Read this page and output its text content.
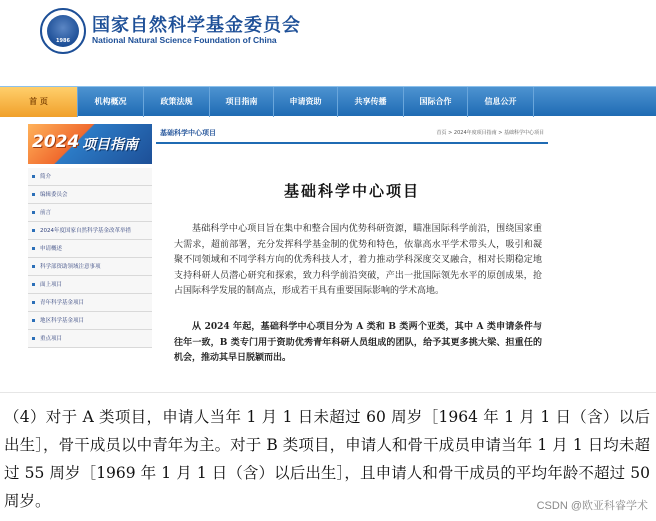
1986
国家自然科学基金委员会
National Natural Science Foundation of China
首 页	机构概况	政策法规	项目指南	申请资助	共享传播	国际合作	信息公开
2024 项目指南
简介
编辑委员会
前言
2024年度国家自然科学基金改革举措
申请概述
科学部资助领域注意事项
面上项目
青年科学基金项目
地区科学基金项目
重点项目
基础科学中心项目	首页 > 2024年度项目指南 > 基础科学中心项目
基础科学中心项目

基础科学中心项目旨在集中和整合国内优势科研资源，瞄准国际科学前沿，围绕国家重大需求，超前部署，充分发挥科学基金制的优势和特色，依靠高水平学术带头人，吸引和凝聚不同领域和不同学科方向的优秀科技人才，着力推动学科深度交叉融合，相对长期稳定地支持科研人员潜心研究和探索，致力科学前沿突破，产出一批国际领先水平的原创成果，抢占国际科学发展的制高点，形成若干具有重要国际影响的学术高地。

从 2024 年起，基础科学中心项目分为 A 类和 B 类两个亚类，其中 A 类申请条件与往年一致，B 类专门用于资助优秀青年科研人员组成的团队，给予其更多挑大梁、担重任的机会，推动其早日脱颖而出。

（4）对于 A 类项目，申请人当年 1 月 1 日未超过 60 周岁［1964 年 1 月 1 日（含）以后出生］，骨干成员以中青年为主。对于 B 类项目，申请人和骨干成员申请当年 1 月 1 日均未超过 55 周岁［1969 年 1 月 1 日（含）以后出生］，且申请人和骨干成员的平均年龄不超过 50 周岁。	CSDN @欧亚科睿学术
